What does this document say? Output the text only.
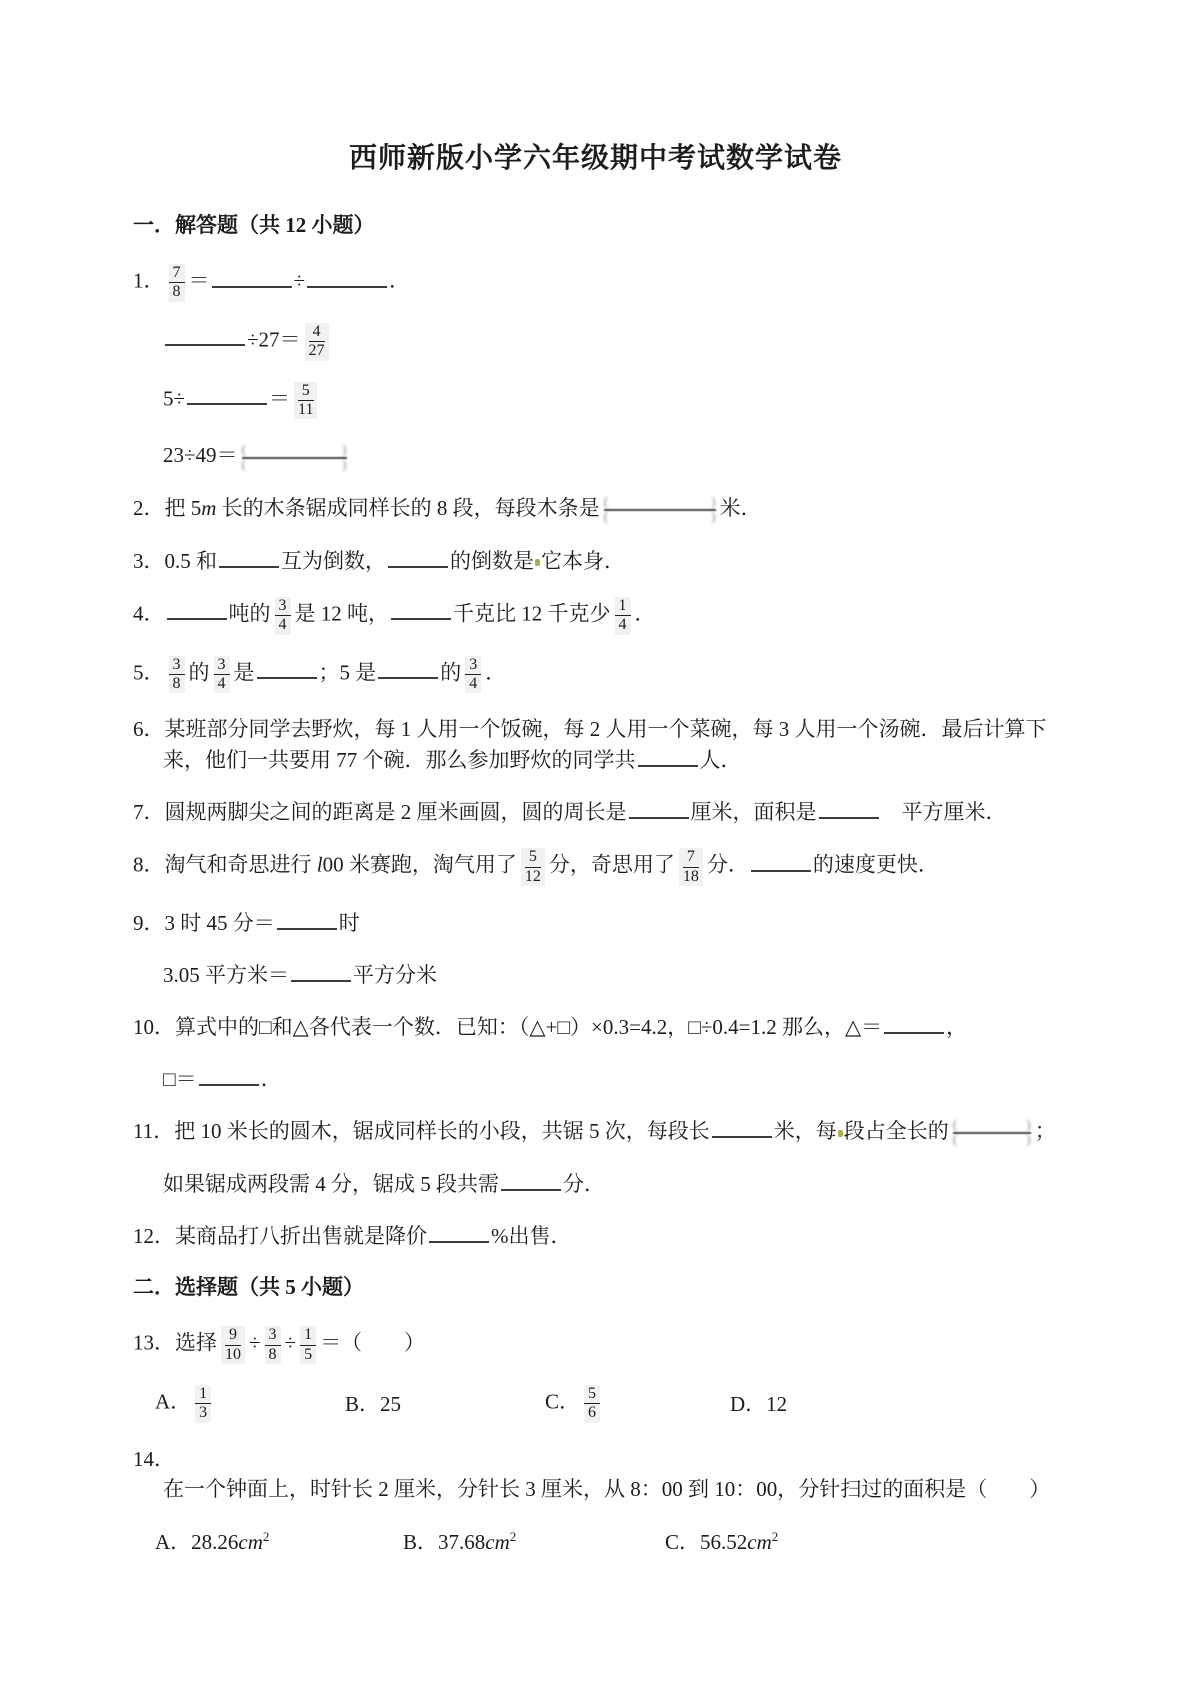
西师新版小学六年级期中考试数学试卷
一．解答题（共 12 小题）
1． $\frac{7}{8}$ ＝	÷	．
$\div 27= \frac{4}{27}$
5÷	＝ $\frac{5}{11}$
23÷49＝ (	)
(	)
2．把 5m 长的木条锯成同样长的 8 段，每段木条是 (	)
(	) 米．
3．0.5 和	互为倒数，	的倒数是 它本身．
4．	吨的 $\frac{3}{4}$ 是 12 吨，	千克比 12 千克少 $\frac{1}{4}$ ．
5． $\frac{3}{8}$ 的 $\frac{3}{4}$ 是	；5 是	的 $\frac{3}{4}$ ．
6．某班部分同学去野炊，每 1 人用一个饭碗，每 2 人用一个菜碗，每 3 人用一个汤碗．最后计算下来，他们一共要用 77 个碗．那么参加野炊的同学共	人．
7．圆规两脚尖之间的距离是 2 厘米画圆，圆的周长是	厘米，面积是	　平方厘米．
8．淘气和奇思进行 l00 米赛跑，淘气用了 $\frac{5}{12}$ 分，奇思用了 $\frac{7}{18}$ 分．	的速度更快．
9．3 时 45 分＝	时
3.05 平方米＝	平方分米
10．算式中的□和△各代表一个数．已知：（△+□）×0.3=4.2，□÷0.4=1.2 那么，△＝	，
□＝	．
11．把 10 米长的圆木，锯成同样长的小段，共锯 5 次，每段长	米，每 段占全长的 (	)
(	) ；
如果锯成两段需 4 分，锯成 5 段共需	分．
12．某商品打八折出售就是降价	%出售．
二．选择题（共 5 小题）
13．选择 $\frac{9}{10} \div \frac{3}{8} \div \frac{1}{5}$ ＝（　　）
A． $\frac{1}{3}$	B．25	C． $\frac{5}{6}$	D．12
14．在一个钟面上，时针长 2 厘米，分针长 3 厘米，从 8：00 到 10：00，分针扫过的面积是（　　）
A．$28.26cm^2$	B．$37.68cm^2$	C．$56.52cm^2$
